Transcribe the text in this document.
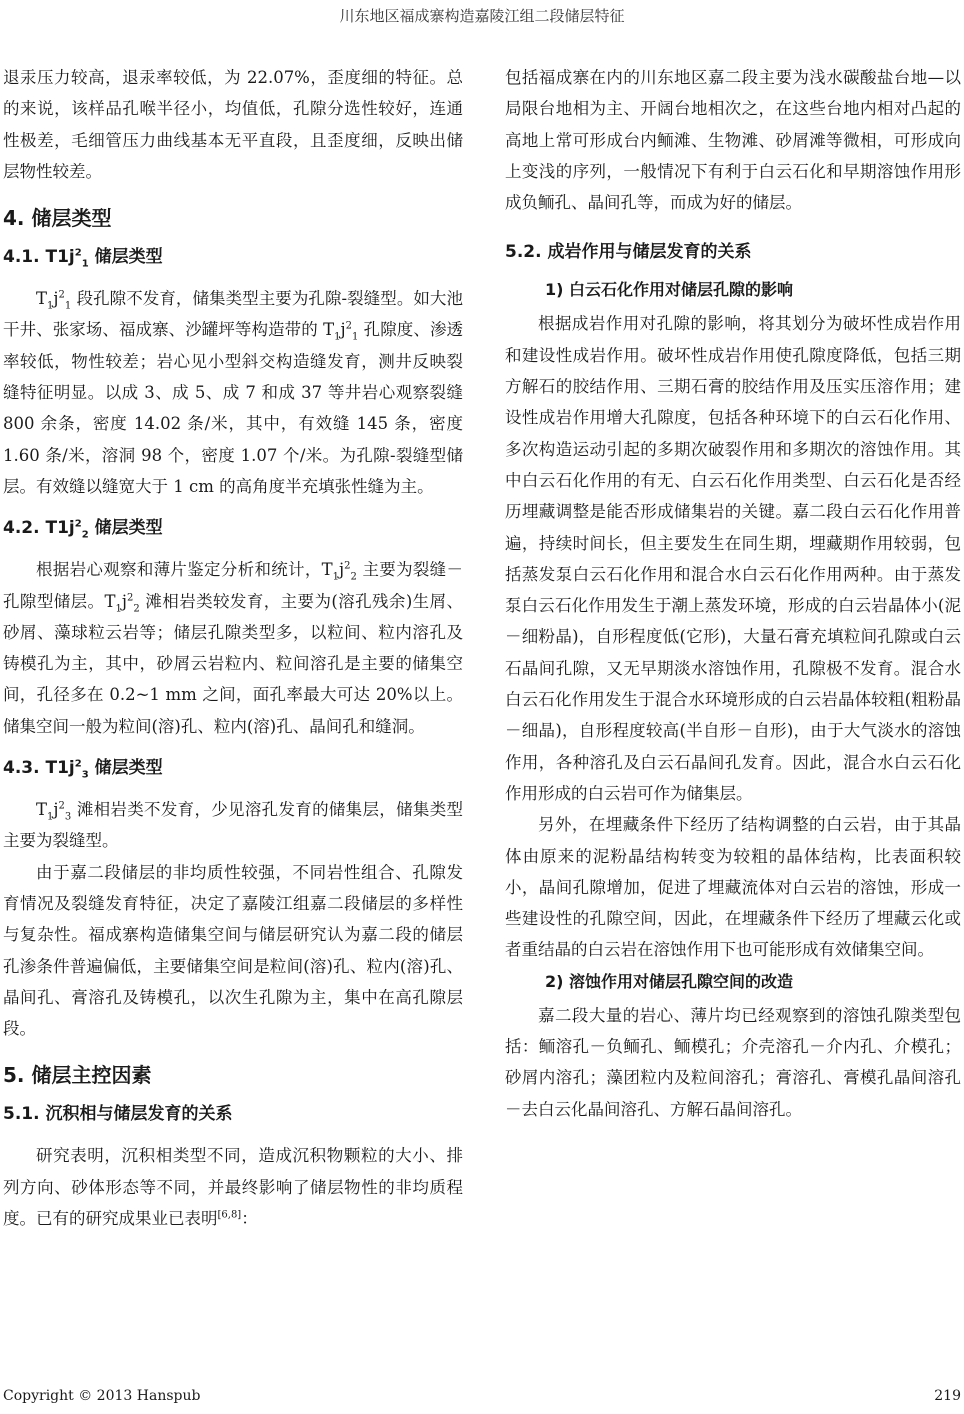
川东地区福成寨构造嘉陵江组二段储层特征

退汞压力较高，退汞率较低，为 22.07%，歪度细的特征。总的来说，该样品孔喉半径小，均值低，孔隙分选性较好，连通性极差，毛细管压力曲线基本无平直段，且歪度细，反映出储层物性较差。

4. 储层类型
4.1. $T1j^2_1$ 储层类型

$T_1j^2_1$ 段孔隙不发育，储集类型主要为孔隙-裂缝型。如大池干井、张家场、福成寨、沙罐坪等构造带的 $T_1j^2_1$ 孔隙度、渗透率较低，物性较差；岩心见小型斜交构造缝发育，测井反映裂缝特征明显。以成 3、成 5、成 7 和成 37 等井岩心观察裂缝 800 余条，密度 14.02 条/米，其中，有效缝 145 条，密度 1.60 条/米，溶洞 98 个，密度 1.07 个/米。为孔隙-裂缝型储层。有效缝以缝宽大于 1 cm 的高角度半充填张性缝为主。

4.2. $T1j^2_2$ 储层类型

根据岩心观察和薄片鉴定分析和统计，$T_1j^2_2$ 主要为裂缝－孔隙型储层。$T_1j^2_2$ 滩相岩类较发育，主要为(溶孔残余)生屑、砂屑、藻球粒云岩等；储层孔隙类型多，以粒间、粒内溶孔及铸模孔为主，其中，砂屑云岩粒内、粒间溶孔是主要的储集空间，孔径多在 0.2~1 mm 之间，面孔率最大可达 20%以上。储集空间一般为粒间(溶)孔、粒内(溶)孔、晶间孔和缝洞。

4.3. $T1j^2_3$ 储层类型

$T_1j^2_3$ 滩相岩类不发育，少见溶孔发育的储集层，储集类型主要为裂缝型。

由于嘉二段储层的非均质性较强，不同岩性组合、孔隙发育情况及裂缝发育特征，决定了嘉陵江组嘉二段储层的多样性与复杂性。福成寨构造储集空间与储层研究认为嘉二段的储层孔渗条件普遍偏低，主要储集空间是粒间(溶)孔、粒内(溶)孔、晶间孔、膏溶孔及铸模孔，以次生孔隙为主，集中在高孔隙层段。

5. 储层主控因素
5.1. 沉积相与储层发育的关系

研究表明，沉积相类型不同，造成沉积物颗粒的大小、排列方向、砂体形态等不同，并最终影响了储层物性的非均质程度。已有的研究成果业已表明[6,8]：

包括福成寨在内的川东地区嘉二段主要为浅水碳酸盐台地—以局限台地相为主、开阔台地相次之，在这些台地内相对凸起的高地上常可形成台内鲕滩、生物滩、砂屑滩等微相，可形成向上变浅的序列，一般情况下有利于白云石化和早期溶蚀作用形成负鲕孔、晶间孔等，而成为好的储层。

5.2. 成岩作用与储层发育的关系
1) 白云石化作用对储层孔隙的影响

根据成岩作用对孔隙的影响，将其划分为破坏性成岩作用和建设性成岩作用。破坏性成岩作用使孔隙度降低，包括三期方解石的胶结作用、三期石膏的胶结作用及压实压溶作用；建设性成岩作用增大孔隙度，包括各种环境下的白云石化作用、多次构造运动引起的多期次破裂作用和多期次的溶蚀作用。其中白云石化作用的有无、白云石化作用类型、白云石化是否经历埋藏调整是能否形成储集岩的关键。嘉二段白云石化作用普遍，持续时间长，但主要发生在同生期，埋藏期作用较弱，包括蒸发泵白云石化作用和混合水白云石化作用两种。由于蒸发泵白云石化作用发生于潮上蒸发环境，形成的白云岩晶体小(泥－细粉晶)，自形程度低(它形)，大量石膏充填粒间孔隙或白云石晶间孔隙，又无早期淡水溶蚀作用，孔隙极不发育。混合水白云石化作用发生于混合水环境形成的白云岩晶体较粗(粗粉晶－细晶)，自形程度较高(半自形－自形)，由于大气淡水的溶蚀作用，各种溶孔及白云石晶间孔发育。因此，混合水白云石化作用形成的白云岩可作为储集层。

另外，在埋藏条件下经历了结构调整的白云岩，由于其晶体由原来的泥粉晶结构转变为较粗的晶体结构，比表面积较小，晶间孔隙增加，促进了埋藏流体对白云岩的溶蚀，形成一些建设性的孔隙空间，因此，在埋藏条件下经历了埋藏云化或者重结晶的白云岩在溶蚀作用下也可能形成有效储集空间。

2) 溶蚀作用对储层孔隙空间的改造

嘉二段大量的岩心、薄片均已经观察到的溶蚀孔隙类型包括：鲕溶孔－负鲕孔、鲕模孔；介壳溶孔－介内孔、介模孔；砂屑内溶孔；藻团粒内及粒间溶孔；膏溶孔、膏模孔晶间溶孔－去白云化晶间溶孔、方解石晶间溶孔。

Copyright © 2013 Hanspub	219
